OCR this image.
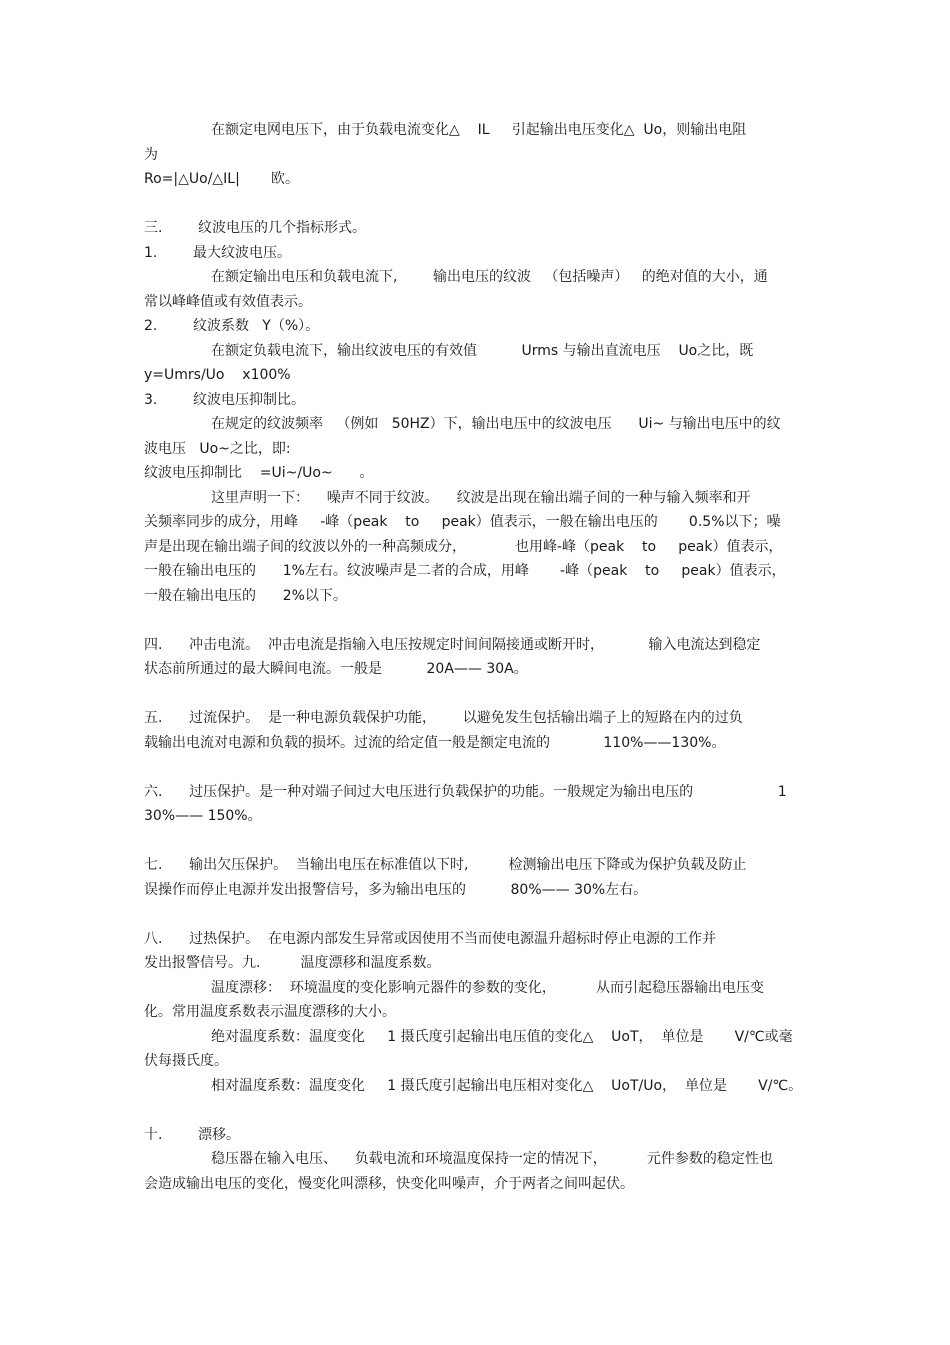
在额定电网电压下，由于负载电流变化△    IL     引起输出电压变化△  Uo，则输出电阻
为
Ro=|△Uo/△IL|       欧。
三.        纹波电压的几个指标形式。
1.        最大纹波电压。
在额定输出电压和负载电流下,        输出电压的纹波   （包括噪声）   的绝对值的大小，通
常以峰峰值或有效值表示。
2.        纹波系数   Y（%）。
在额定负载电流下，输出纹波电压的有效值          Urms 与输出直流电压    Uo之比，既
y=Umrs/Uo    x100%
3.        纹波电压抑制比。
在规定的纹波频率   （例如   50HZ）下，输出电压中的纹波电压      Ui~ 与输出电压中的纹
波电压   Uo~之比，即:
纹波电压抑制比    =Ui~/Uo~      。
这里声明一下：    噪声不同于纹波。    纹波是出现在输出端子间的一种与输入频率和开
关频率同步的成分，用峰     -峰（peak    to     peak）值表示，一般在输出电压的       0.5%以下；噪
声是出现在输出端子间的纹波以外的一种高频成分，           也用峰-峰（peak    to     peak）值表示，
一般在输出电压的      1%左右。纹波噪声是二者的合成，用峰       -峰（peak    to     peak）值表示，
一般在输出电压的      2%以下。
四.      冲击电流。  冲击电流是指输入电压按规定时间间隔接通或断开时，          输入电流达到稳定
状态前所通过的最大瞬间电流。一般是          20A—— 30A。
五.      过流保护。  是一种电源负载保护功能，      以避免发生包括输出端子上的短路在内的过负
载输出电流对电源和负载的损坏。过流的给定值一般是额定电流的            110%——130%。
六.      过压保护。是一种对端子间过大电压进行负载保护的功能。一般规定为输出电压的                   1
30%—— 150%。
七.      输出欠压保护。  当输出电压在标准值以下时,         检测输出电压下降或为保护负载及防止
误操作而停止电源并发出报警信号，多为输出电压的          80%—— 30%左右。
八.      过热保护。  在电源内部发生异常或因使用不当而使电源温升超标时停止电源的工作并
发出报警信号。九.         温度漂移和温度系数。
温度漂移：  环境温度的变化影响元器件的参数的变化，         从而引起稳压器输出电压变
化。常用温度系数表示温度漂移的大小。
绝对温度系数：温度变化     1 摄氏度引起输出电压值的变化△    UoT，  单位是       V/℃或毫
伏每摄氏度。
相对温度系数：温度变化     1 摄氏度引起输出电压相对变化△    UoT/Uo，  单位是       V/℃。
十.        漂移。
稳压器在输入电压、    负载电流和环境温度保持一定的情况下，         元件参数的稳定性也
会造成输出电压的变化，慢变化叫漂移，快变化叫噪声，介于两者之间叫起伏。
